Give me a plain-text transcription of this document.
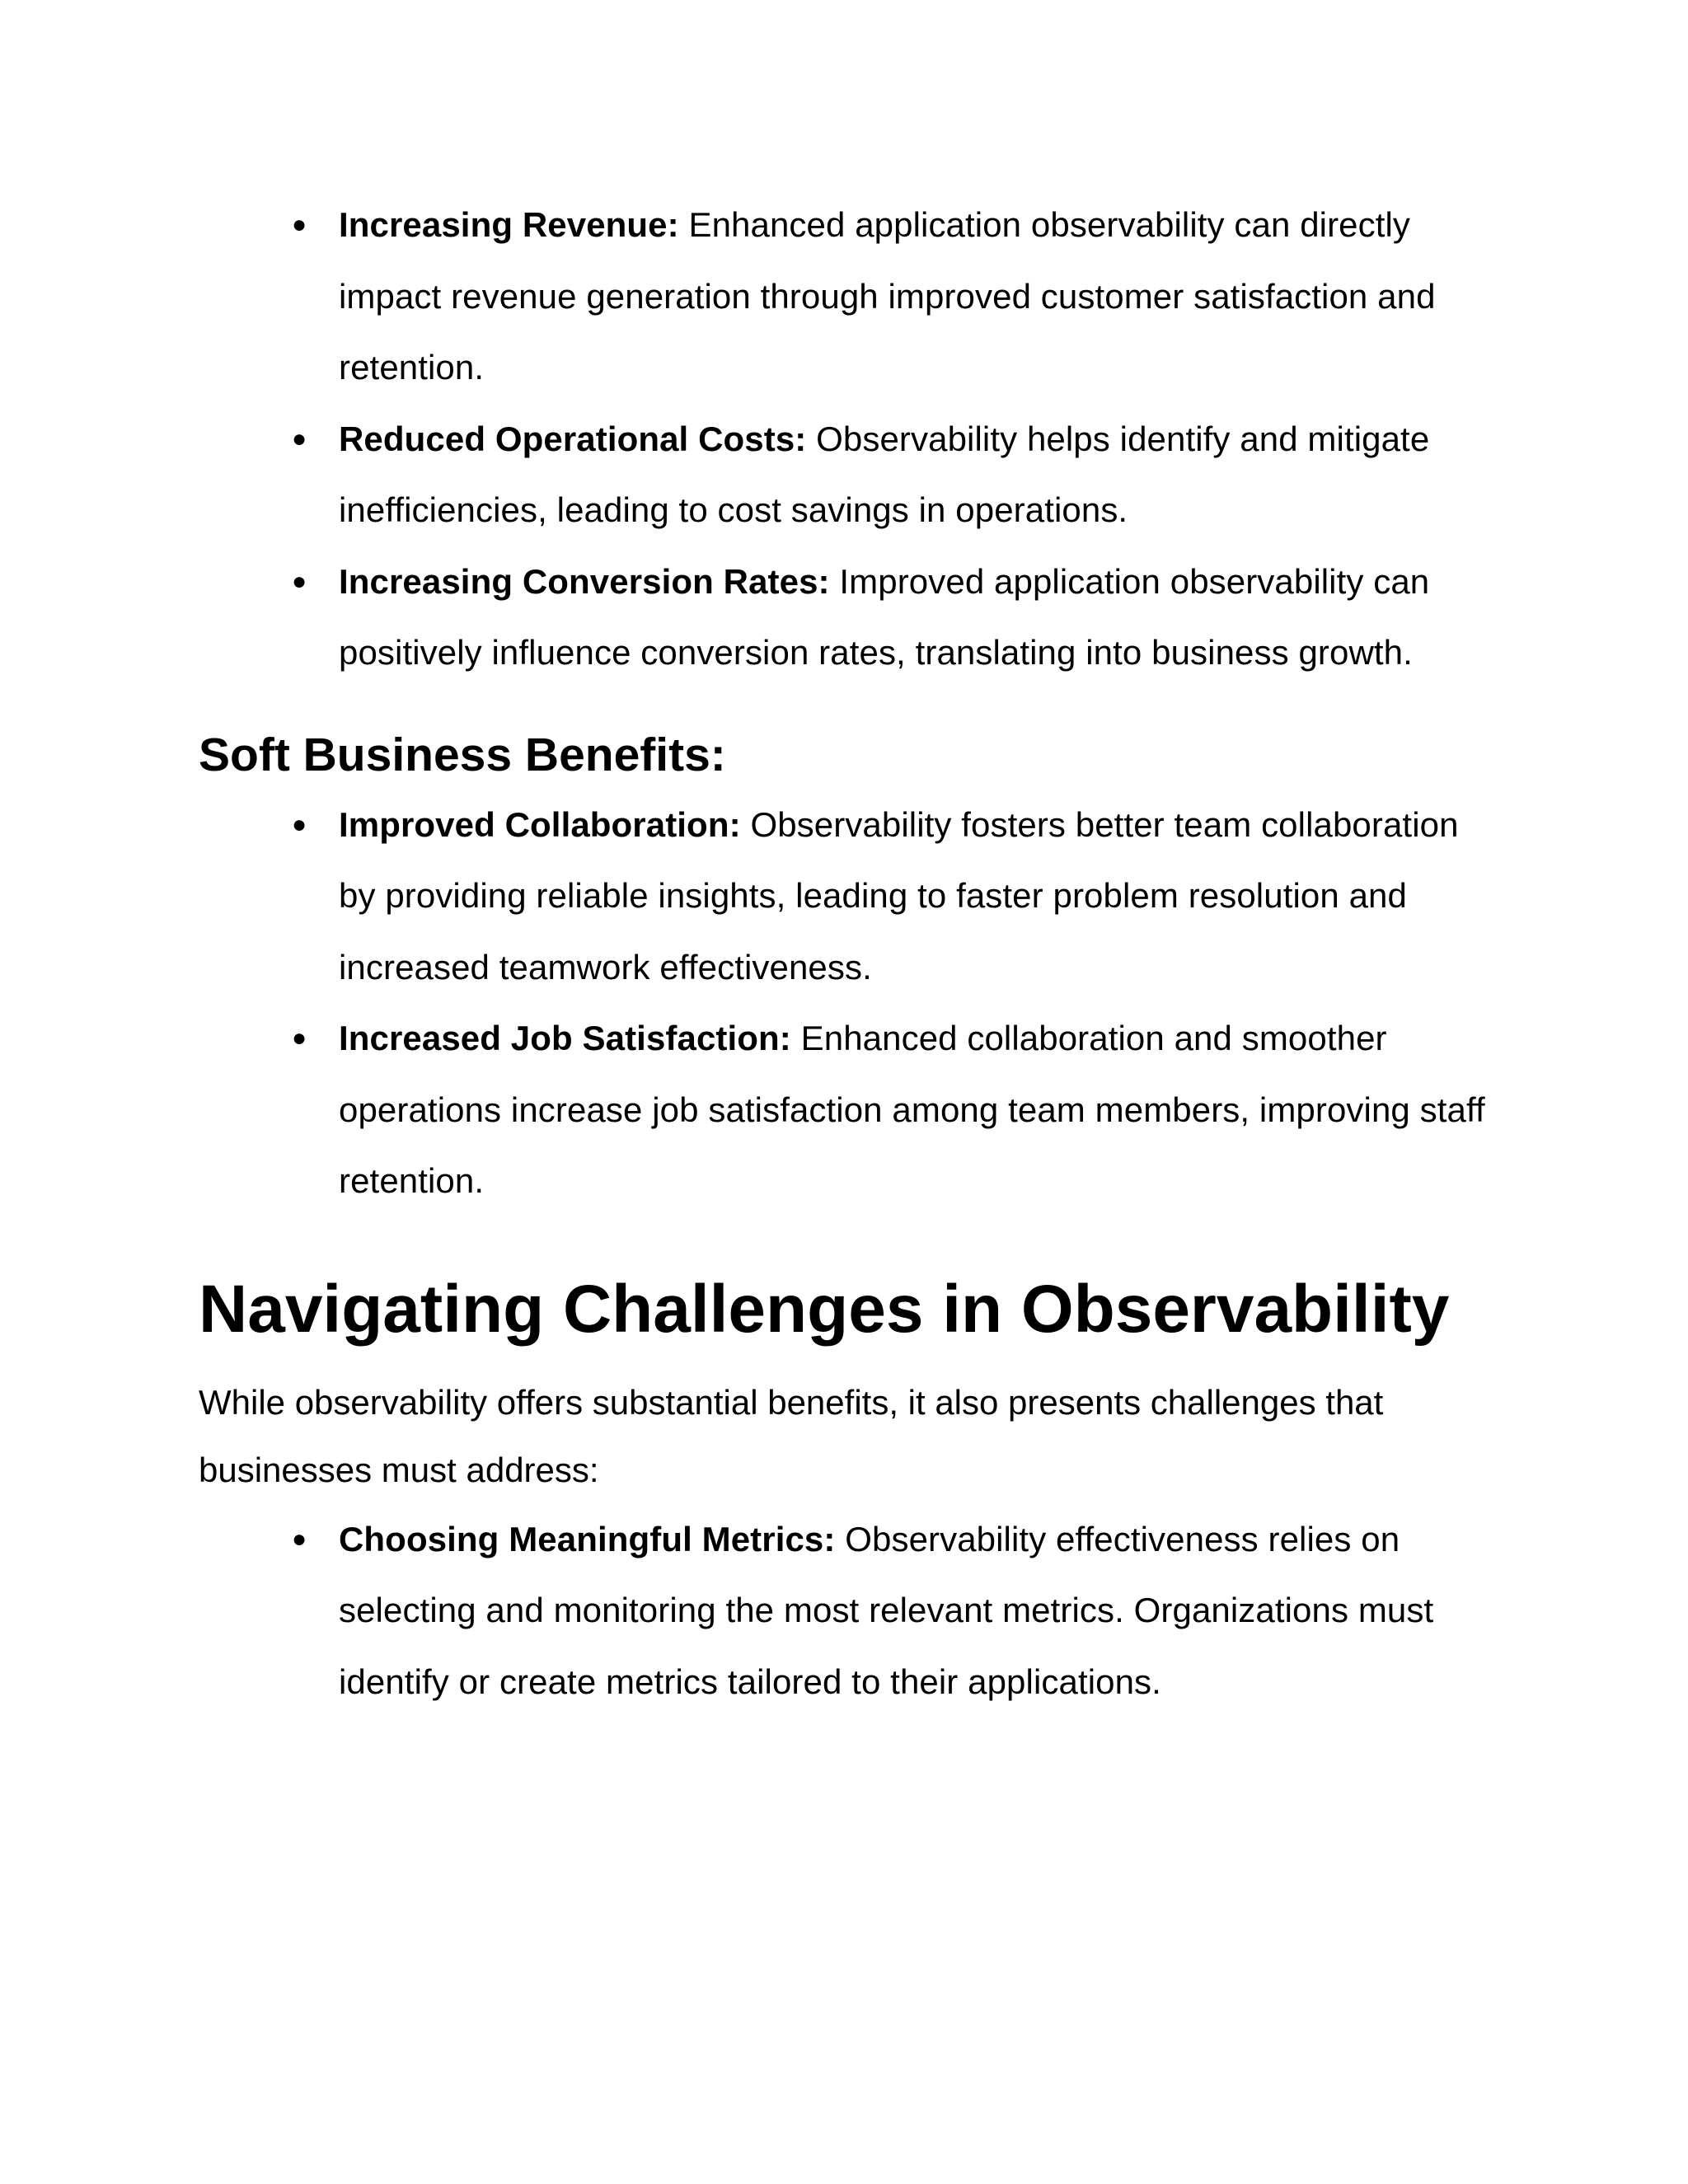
● Increasing Revenue: Enhanced application observability can directly impact revenue generation through improved customer satisfaction and retention.
● Reduced Operational Costs: Observability helps identify and mitigate inefficiencies, leading to cost savings in operations.
● Increasing Conversion Rates: Improved application observability can positively influence conversion rates, translating into business growth.
Soft Business Benefits:
● Improved Collaboration: Observability fosters better team collaboration by providing reliable insights, leading to faster problem resolution and increased teamwork effectiveness.
● Increased Job Satisfaction: Enhanced collaboration and smoother operations increase job satisfaction among team members, improving staff retention.
Navigating Challenges in Observability

While observability offers substantial benefits, it also presents challenges that businesses must address:

● Choosing Meaningful Metrics: Observability effectiveness relies on selecting and monitoring the most relevant metrics. Organizations must identify or create metrics tailored to their applications.
